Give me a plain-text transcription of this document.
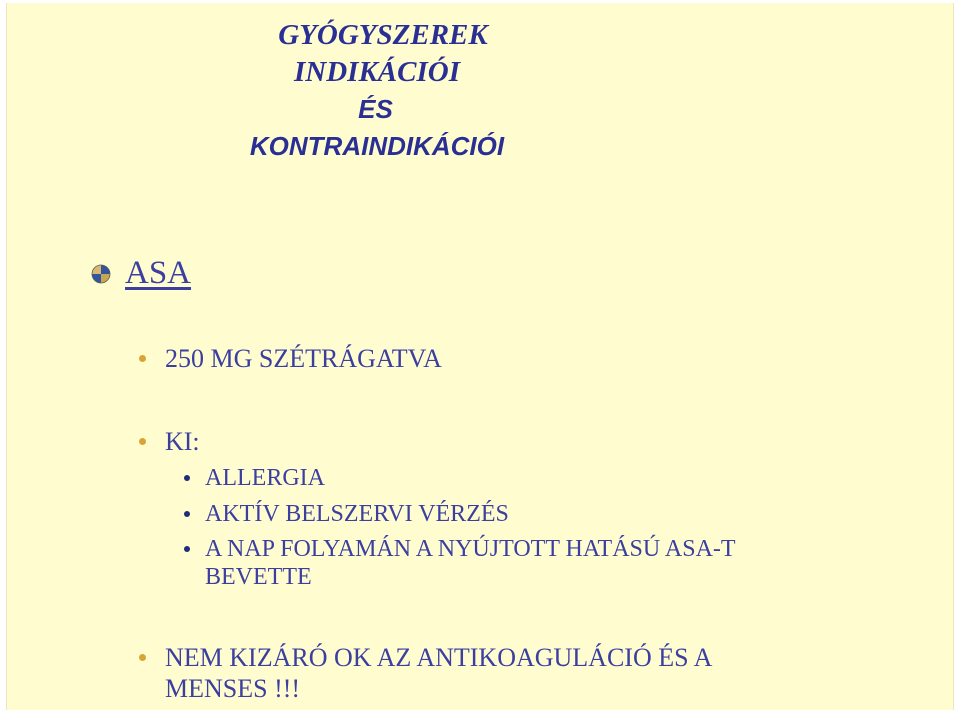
GYÓGYSZEREK
INDIKÁCIÓI
ÉS
KONTRAINDIKÁCIÓI
ASA
250 MG SZÉTRÁGATVA
KI:
ALLERGIA
AKTÍV BELSZERVI VÉRZÉS
A NAP FOLYAMÁN A NYÚJTOTT HATÁSÚ ASA-T
BEVETTE
NEM KIZÁRÓ OK AZ ANTIKOAGULÁCIÓ ÉS A
MENSES !!!
